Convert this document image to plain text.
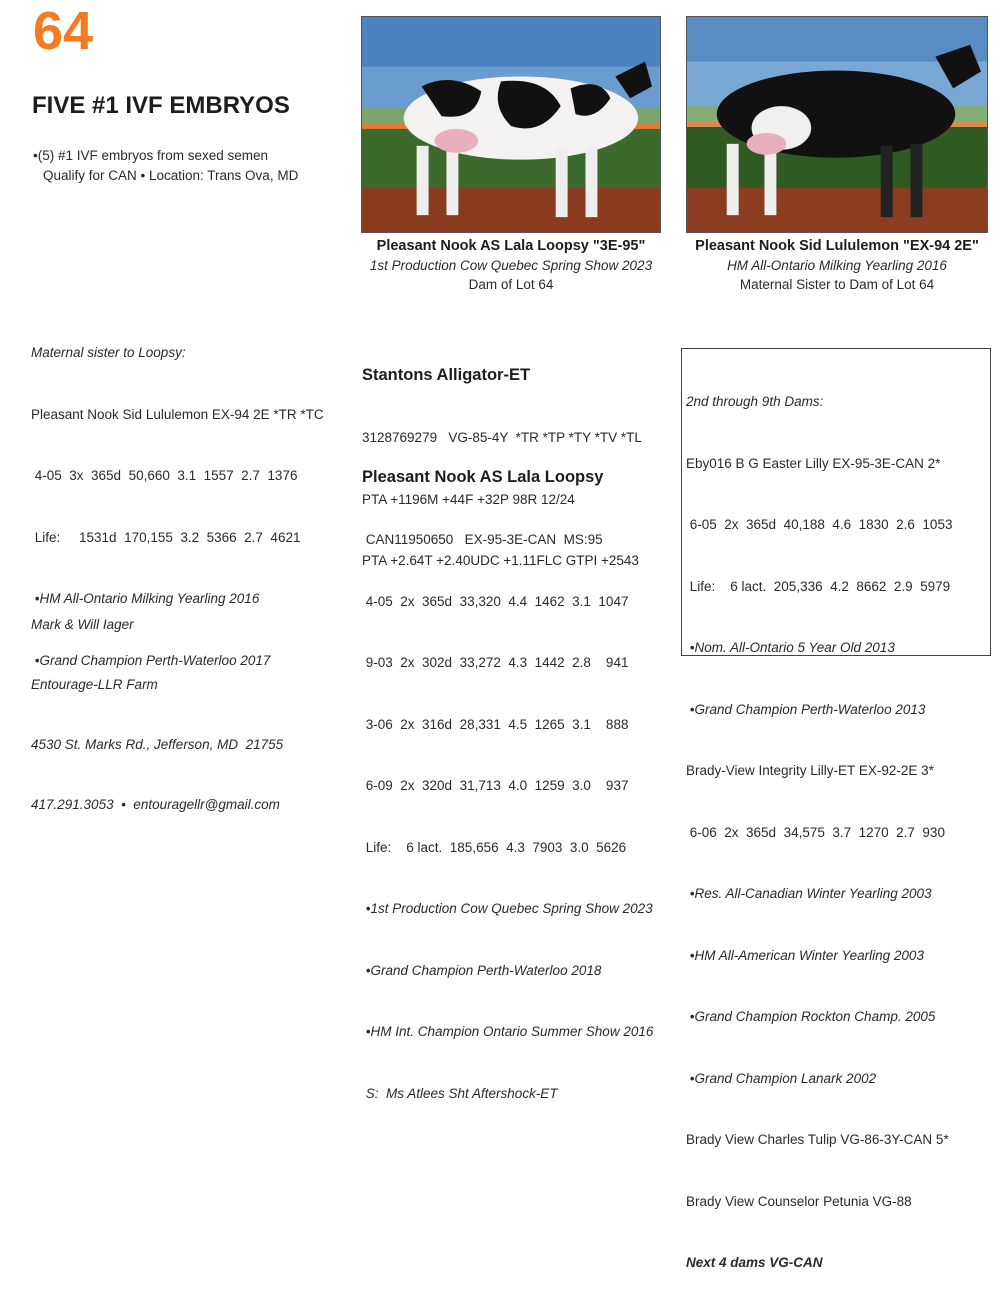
64
FIVE #1 IVF EMBRYOS
•(5) #1 IVF embryos from sexed semen
Qualify for CAN • Location: Trans Ova, MD
Pleasant Nook AS Lala Loopsy "3E-95"
1st Production Cow Quebec Spring Show 2023
Dam of Lot 64
Pleasant Nook Sid Lululemon "EX-94 2E"
HM All-Ontario Milking Yearling 2016
Maternal Sister to Dam of Lot 64

Maternal sister to Loopsy:

Pleasant Nook Sid Lululemon EX-94 2E *TR *TC

4-05  3x  365d  50,660  3.1  1557  2.7  1376

Life:     1531d  170,155  3.2  5366  2.7  4621

•HM All-Ontario Milking Yearling 2016

•Grand Champion Perth-Waterloo 2017

Stantons Alligator-ET

3128769279   VG-85-4Y  *TR *TP *TY *TV *TL

PTA +1196M +44F +32P 98R 12/24

PTA +2.64T +2.40UDC +1.11FLC GTPI +2543

Pleasant Nook AS Lala Loopsy

CAN11950650   EX-95-3E-CAN  MS:95

4-05  2x  365d  33,320  4.4  1462  3.1  1047

9-03  2x  302d  33,272  4.3  1442  2.8    941

3-06  2x  316d  28,331  4.5  1265  3.1    888

6-09  2x  320d  31,713  4.0  1259  3.0    937

Life:    6 lact.  185,656  4.3  7903  3.0  5626

•1st Production Cow Quebec Spring Show 2023

•Grand Champion Perth-Waterloo 2018

•HM Int. Champion Ontario Summer Show 2016

S:  Ms Atlees Sht Aftershock-ET

2nd through 9th Dams:

Eby016 B G Easter Lilly EX-95-3E-CAN 2*

6-05  2x  365d  40,188  4.6  1830  2.6  1053

Life:    6 lact.  205,336  4.2  8662  2.9  5979

•Nom. All-Ontario 5 Year Old 2013

•Grand Champion Perth-Waterloo 2013

Brady-View Integrity Lilly-ET EX-92-2E 3*

6-06  2x  365d  34,575  3.7  1270  2.7  930

•Res. All-Canadian Winter Yearling 2003

•HM All-American Winter Yearling 2003

•Grand Champion Rockton Champ. 2005

•Grand Champion Lanark 2002

Brady View Charles Tulip VG-86-3Y-CAN 5*

Brady View Counselor Petunia VG-88

Next 4 dams VG-CAN

Mark & Will Iager

Entourage-LLR Farm

4530 St. Marks Rd., Jefferson, MD  21755

417.291.3053  •  entouragellr@gmail.com
